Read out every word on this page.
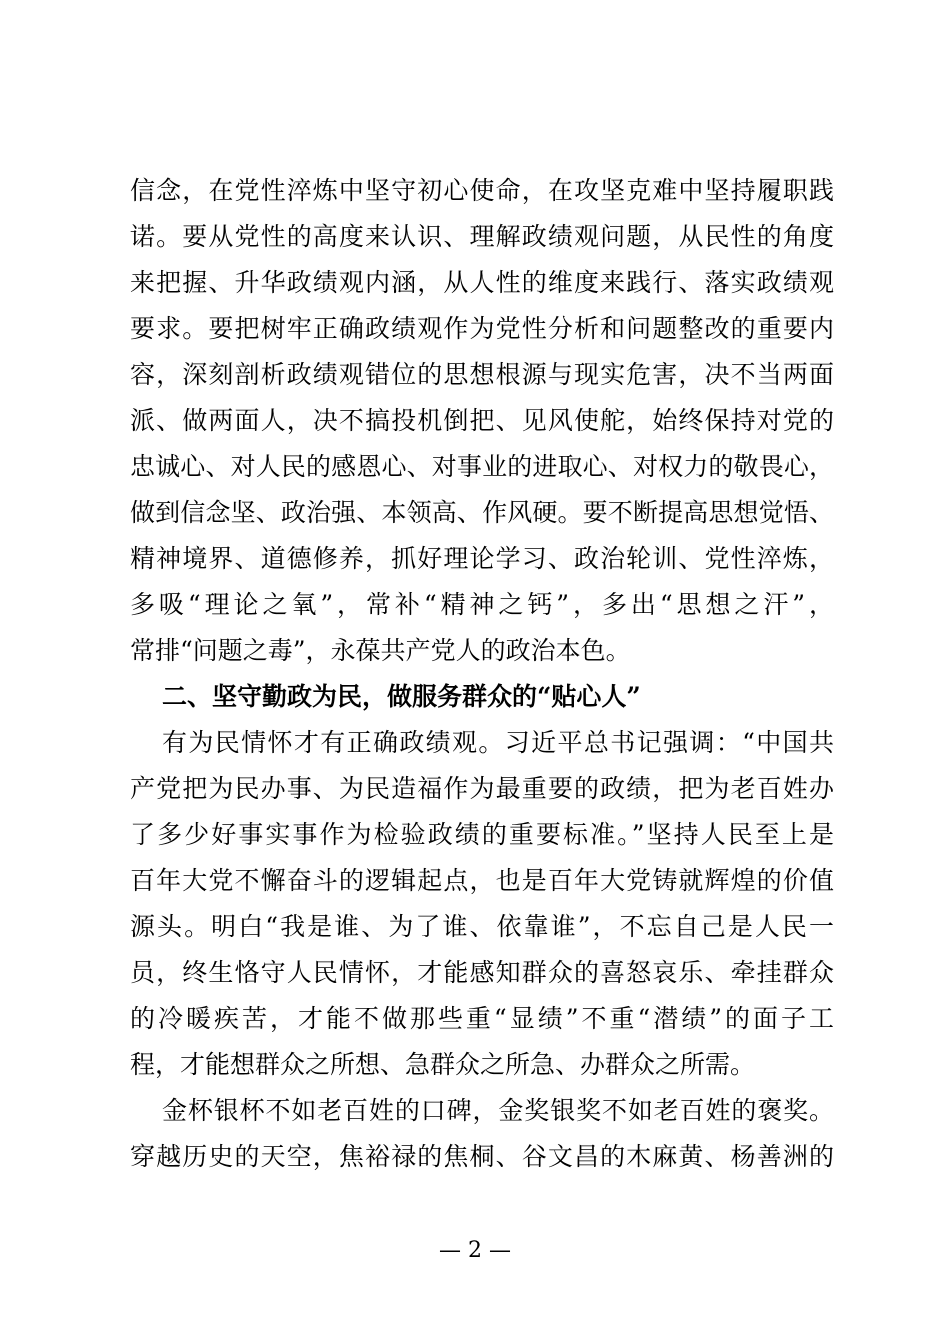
信念，在党性淬炼中坚守初心使命，在攻坚克难中坚持履职践
诺。要从党性的高度来认识、理解政绩观问题，从民性的角度
来把握、升华政绩观内涵，从人性的维度来践行、落实政绩观
要求。要把树牢正确政绩观作为党性分析和问题整改的重要内
容，深刻剖析政绩观错位的思想根源与现实危害，决不当两面
派、做两面人，决不搞投机倒把、见风使舵，始终保持对党的
忠诚心、对人民的感恩心、对事业的进取心、对权力的敬畏心，
做到信念坚、政治强、本领高、作风硬。要不断提高思想觉悟、
精神境界、道德修养，抓好理论学习、政治轮训、党性淬炼，
多吸“理论之氧”，常补“精神之钙”，多出“思想之汗”，
常排“问题之毒”，永葆共产党人的政治本色。
二、坚守勤政为民，做服务群众的“贴心人”
有为民情怀才有正确政绩观。习近平总书记强调：“中国共
产党把为民办事、为民造福作为最重要的政绩，把为老百姓办
了多少好事实事作为检验政绩的重要标准。”坚持人民至上是
百年大党不懈奋斗的逻辑起点，也是百年大党铸就辉煌的价值
源头。明白“我是谁、为了谁、依靠谁”，不忘自己是人民一
员，终生恪守人民情怀，才能感知群众的喜怒哀乐、牵挂群众
的冷暖疾苦，才能不做那些重“显绩”不重“潜绩”的面子工
程，才能想群众之所想、急群众之所急、办群众之所需。
金杯银杯不如老百姓的口碑，金奖银奖不如老百姓的褒奖。
穿越历史的天空，焦裕禄的焦桐、谷文昌的木麻黄、杨善洲的
— 2 —
